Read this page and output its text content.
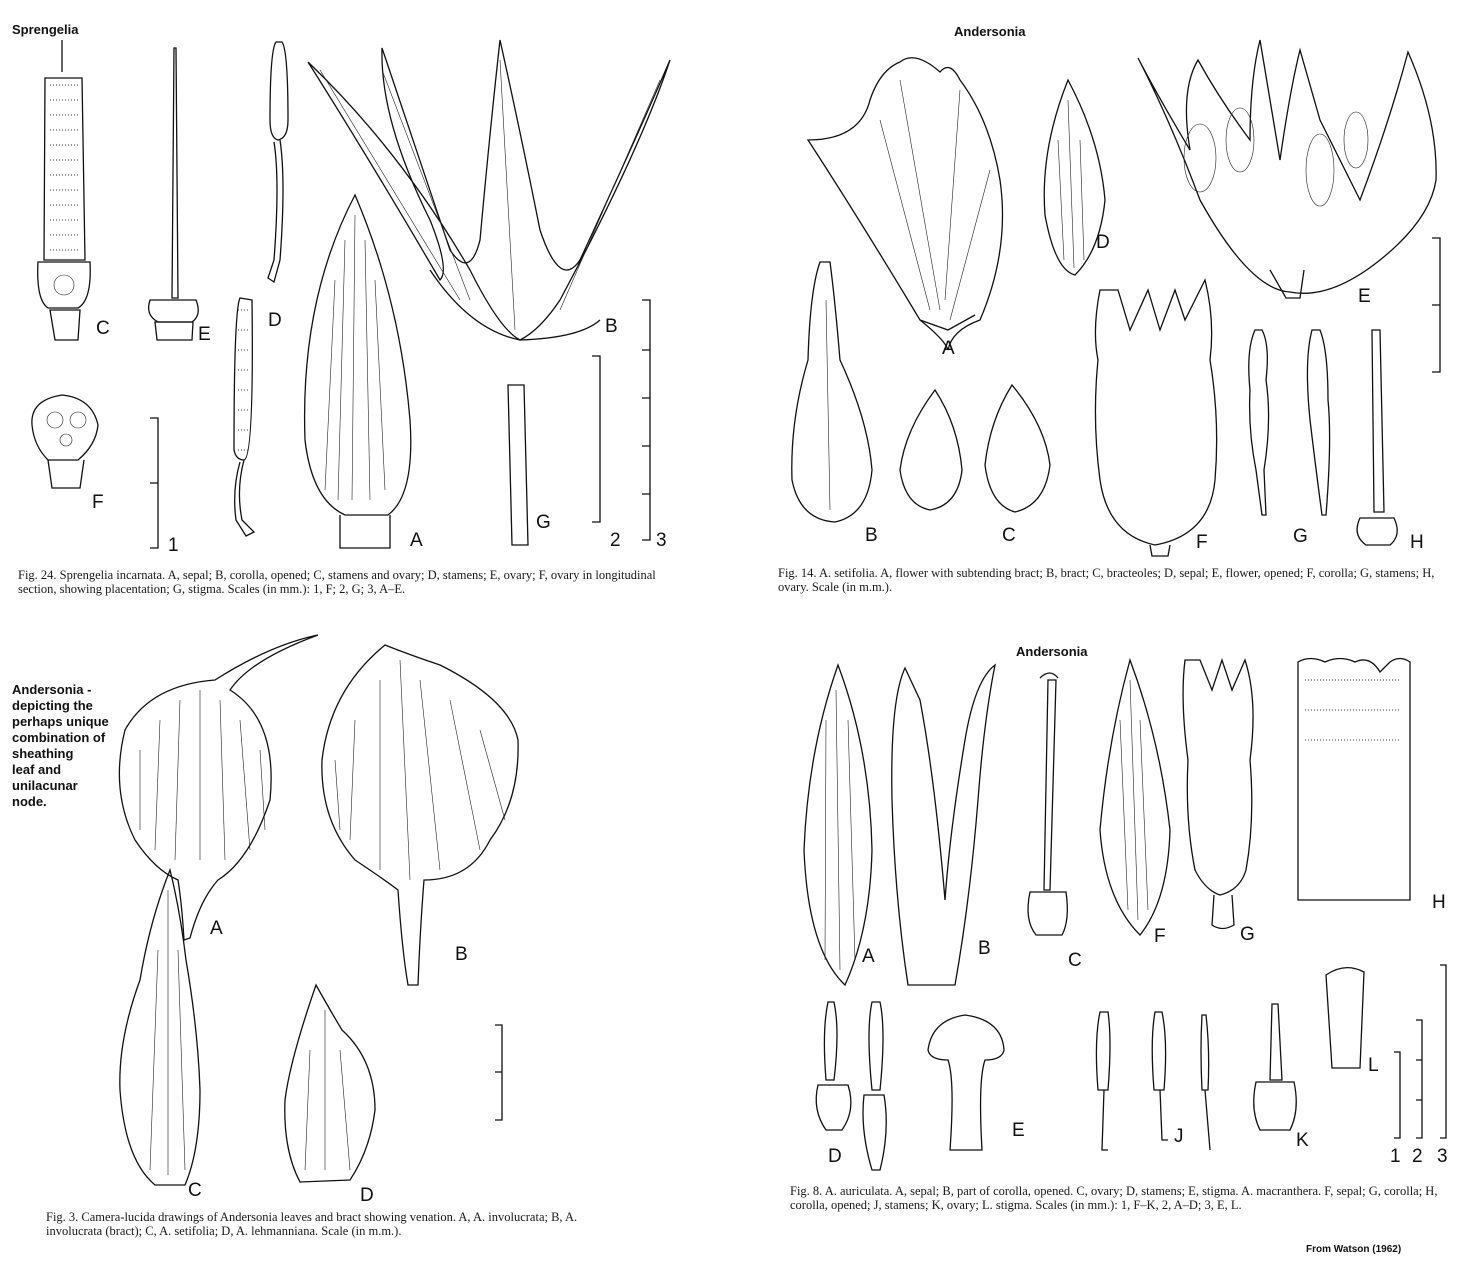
Sprengelia
C	E
D	B
F
A
G
1	2 3
Fig. 24. Sprengelia incarnata. A, sepal; B, corolla, opened; C, stamens and ovary; D, stamens; E, ovary; F, ovary in longitudinal section, showing placentation; G, stigma. Scales (in mm.): 1, F; 2, G; 3, A–E.
Andersonia
A
D
E
B	C	F	G	H
Fig. 14. A. setifolia. A, flower with subtending bract; B, bract; C, bracteoles; D, sepal; E, flower, opened; F, corolla; G, stamens; H, ovary. Scale (in m.m.).
Andersonia -
depicting the
perhaps unique
combination of
sheathing
leaf and unilacunar
node.
A
B
C	D
Fig. 3. Camera-lucida drawings of Andersonia leaves and bract showing venation. A, A. involucrata; B, A. involucrata (bract); C, A. setifolia; D, A. lehmanniana. Scale (in m.m.).
Andersonia
A	B
C
F	G
H
L
D
E	J	K
1 2 3
Fig. 8. A. auriculata. A, sepal; B, part of corolla, opened. C, ovary; D, stamens; E, stigma. A. macranthera. F, sepal; G, corolla; H, corolla, opened; J, stamens; K, ovary; L. stigma. Scales (in mm.): 1, F–K, 2, A–D; 3, E, L.
From Watson (1962)
